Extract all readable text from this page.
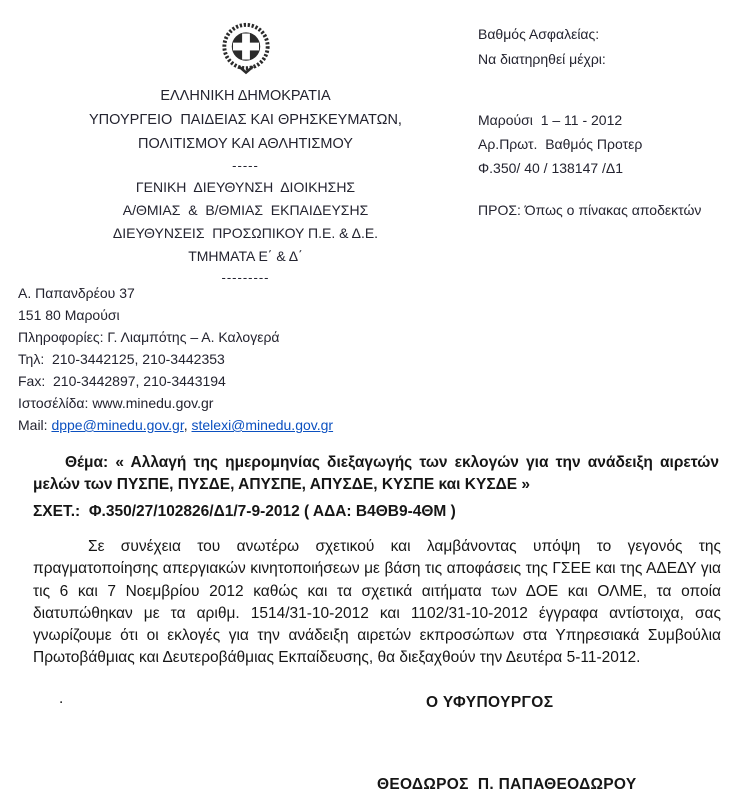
ΕΛΛΗΝΙΚΗ ΔΗΜΟΚΡΑΤΙΑ
ΥΠΟΥΡΓΕΙΟ  ΠΑΙΔΕΙΑΣ ΚΑΙ ΘΡΗΣΚΕΥΜΑΤΩΝ,
ΠΟΛΙΤΙΣΜΟΥ ΚΑΙ ΑΘΛΗΤΙΣΜΟΥ
-----
ΓΕΝΙΚΗ  ΔΙΕΥΘΥΝΣΗ  ΔΙΟΙΚΗΣΗΣ
Α/ΘΜΙΑΣ  &  Β/ΘΜΙΑΣ  ΕΚΠΑΙΔΕΥΣΗΣ
ΔΙΕΥΘΥΝΣΕΙΣ  ΠΡΟΣΩΠΙΚΟΥ Π.Ε. & Δ.Ε.
ΤΜΗΜΑΤΑ Ε΄ & Δ΄
---------
Βαθμός Ασφαλείας:
Να διατηρηθεί μέχρι:
Μαρούσι  1 – 11 - 2012
Αρ.Πρωτ.  Βαθμός Προτερ
Φ.350/ 40 / 138147 /Δ1
ΠΡΟΣ: Όπως ο πίνακας αποδεκτών
Α. Παπανδρέου 37
151 80 Μαρούσι
Πληροφορίες: Γ. Λιαμπότης – Α. Καλογερά
Τηλ:  210-3442125, 210-3442353
Fax:  210-3442897, 210-3443194
Ιστοσέλίδα: www.minedu.gov.gr
Mail: dppe@minedu.gov.gr, stelexi@minedu.gov.gr
Θέμα: « Αλλαγή της ημερομηνίας διεξαγωγής των εκλογών για την ανάδειξη αιρετών μελών των ΠΥΣΠΕ, ΠΥΣΔΕ, ΑΠΥΣΠΕ, ΑΠΥΣΔΕ, ΚΥΣΠΕ και ΚΥΣΔΕ »
ΣΧΕΤ.:  Φ.350/27/102826/Δ1/7-9-2012 ( ΑΔΑ: Β4ΘΒ9-4ΘΜ )
Σε συνέχεια του ανωτέρω σχετικού και λαμβάνοντας υπόψη το γεγονός της πραγματοποίησης απεργιακών κινητοποιήσεων με βάση τις αποφάσεις της ΓΣΕΕ και της ΑΔΕΔΥ για τις 6 και 7 Νοεμβρίου 2012 καθώς και τα σχετικά αιτήματα των ΔΟΕ και ΟΛΜΕ, τα οποία διατυπώθηκαν με τα αριθμ. 1514/31-10-2012 και 1102/31-10-2012 έγγραφα αντίστοιχα, σας γνωρίζουμε ότι οι εκλογές για την ανάδειξη αιρετών εκπροσώπων στα Υπηρεσιακά Συμβούλια Πρωτοβάθμιας και Δευτεροβάθμιας Εκπαίδευσης, θα διεξαχθούν την Δευτέρα 5-11-2012.
.	Ο ΥΦΥΠΟΥΡΓΟΣ
ΘΕΟΔΩΡΟΣ  Π. ΠΑΠΑΘΕΟΔΩΡΟΥ
